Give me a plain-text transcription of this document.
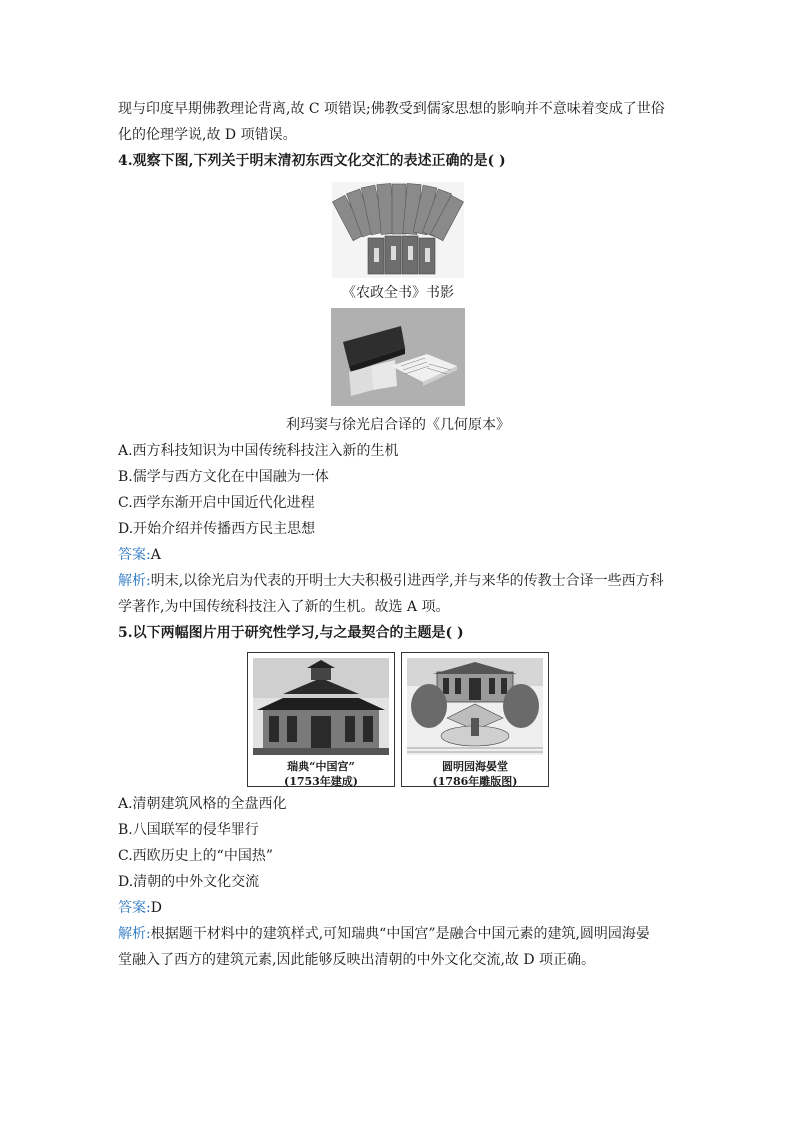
现与印度早期佛教理论背离,故 C 项错误;佛教受到儒家思想的影响并不意味着变成了世俗
化的伦理学说,故 D 项错误。
4.观察下图,下列关于明末清初东西文化交汇的表述正确的是( )
《农政全书》书影
利玛窦与徐光启合译的《几何原本》
A.西方科技知识为中国传统科技注入新的生机
B.儒学与西方文化在中国融为一体
C.西学东渐开启中国近代化进程
D.开始介绍并传播西方民主思想
答案:A
解析:明末,以徐光启为代表的开明士大夫积极引进西学,并与来华的传教士合译一些西方科
学著作,为中国传统科技注入了新的生机。故选 A 项。
5.以下两幅图片用于研究性学习,与之最契合的主题是( )
瑞典“中国宫”
(1753年建成)
圆明园海晏堂
(1786年雕版图)
A.清朝建筑风格的全盘西化
B.八国联军的侵华罪行
C.西欧历史上的“中国热”
D.清朝的中外文化交流
答案:D
解析:根据题干材料中的建筑样式,可知瑞典“中国宫”是融合中国元素的建筑,圆明园海晏
堂融入了西方的建筑元素,因此能够反映出清朝的中外文化交流,故 D 项正确。
